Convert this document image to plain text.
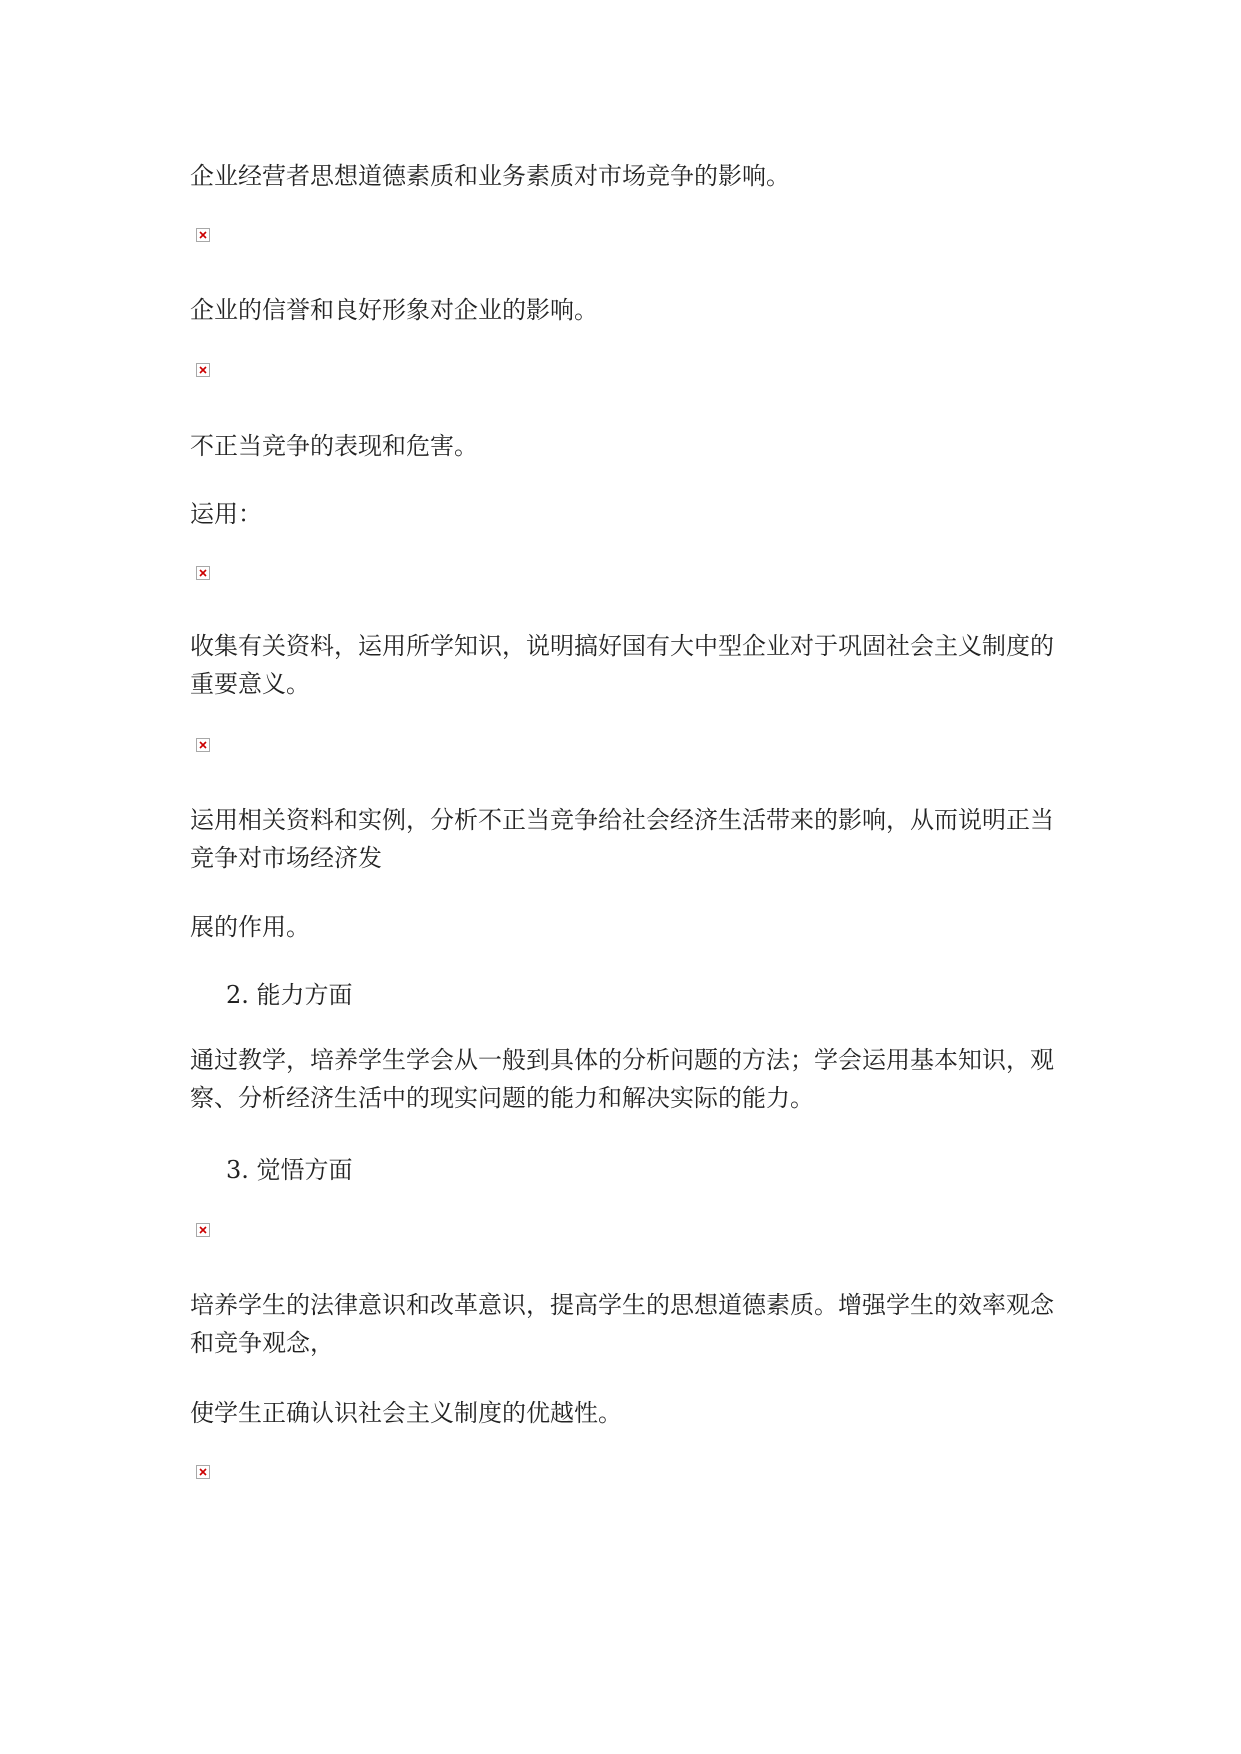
企业经营者思想道德素质和业务素质对市场竞争的影响。

企业的信誉和良好形象对企业的影响。

不正当竞争的表现和危害。

运用：

收集有关资料，运用所学知识，说明搞好国有大中型企业对于巩固社会主义制度的重要意义。

运用相关资料和实例，分析不正当竞争给社会经济生活带来的影响，从而说明正当竞争对市场经济发

展的作用。

2. 能力方面

通过教学，培养学生学会从一般到具体的分析问题的方法；学会运用基本知识，观察、分析经济生活中的现实问题的能力和解决实际的能力。

3. 觉悟方面

培养学生的法律意识和改革意识，提高学生的思想道德素质。增强学生的效率观念和竞争观念，

使学生正确认识社会主义制度的优越性。
